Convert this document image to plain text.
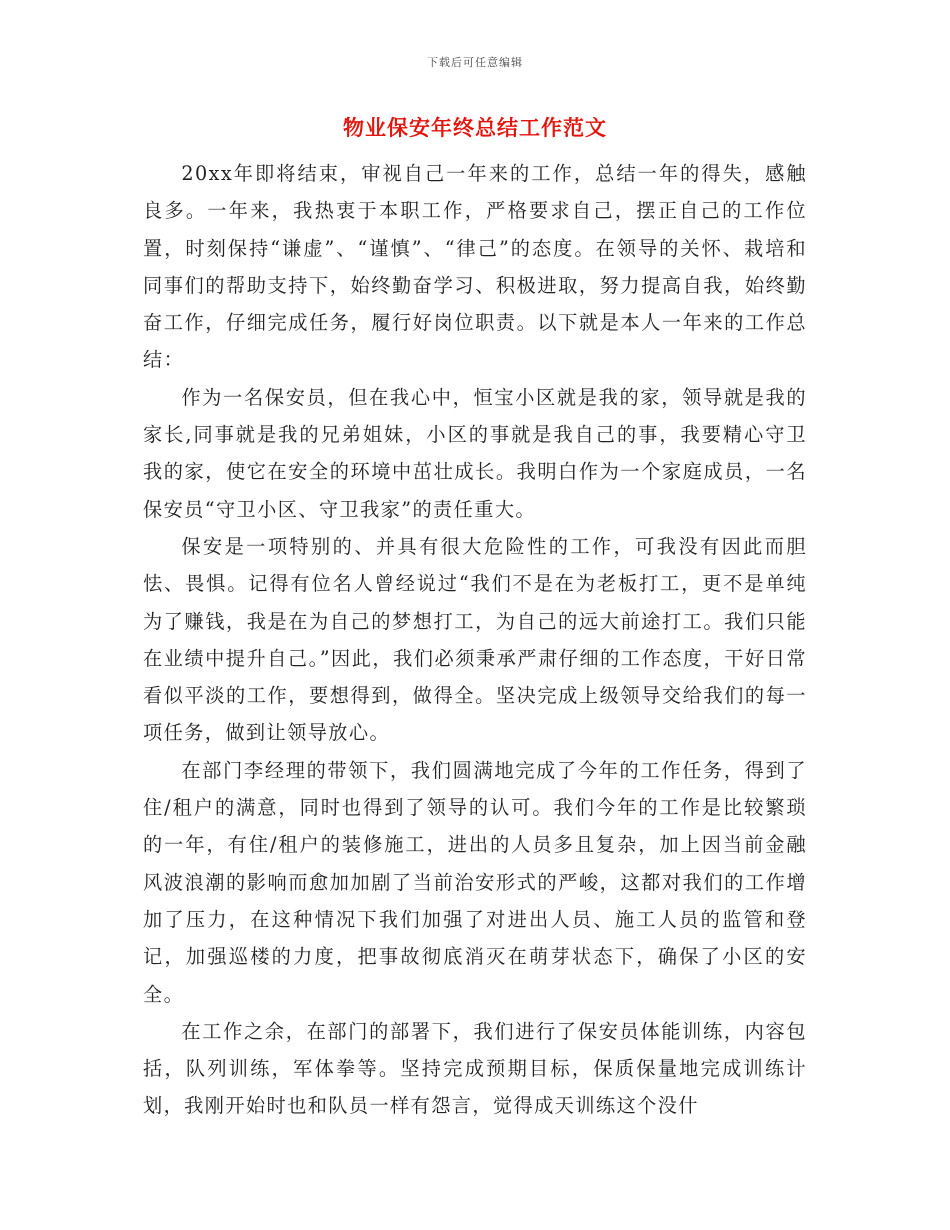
下载后可任意编辑
物业保安年终总结工作范文

20xx年即将结束，审视自己一年来的工作，总结一年的得失，感触良多。一年来，我热衷于本职工作，严格要求自己，摆正自己的工作位置，时刻保持“谦虚”、“谨慎”、“律己”的态度。在领导的关怀、栽培和同事们的帮助支持下，始终勤奋学习、积极进取，努力提高自我，始终勤奋工作，仔细完成任务，履行好岗位职责。以下就是本人一年来的工作总结：

作为一名保安员，但在我心中，恒宝小区就是我的家，领导就是我的家长,同事就是我的兄弟姐妹，小区的事就是我自己的事，我要精心守卫我的家，使它在安全的环境中茁壮成长。我明白作为一个家庭成员，一名保安员“守卫小区、守卫我家”的责任重大。

保安是一项特别的、并具有很大危险性的工作，可我没有因此而胆怯、畏惧。记得有位名人曾经说过“我们不是在为老板打工，更不是单纯为了赚钱，我是在为自己的梦想打工，为自己的远大前途打工。我们只能在业绩中提升自己。”因此，我们必须秉承严肃仔细的工作态度，干好日常看似平淡的工作，要想得到，做得全。坚决完成上级领导交给我们的每一项任务，做到让领导放心。

在部门李经理的带领下，我们圆满地完成了今年的工作任务，得到了住/租户的满意，同时也得到了领导的认可。我们今年的工作是比较繁琐的一年，有住/租户的装修施工，进出的人员多且复杂，加上因当前金融风波浪潮的影响而愈加加剧了当前治安形式的严峻，这都对我们的工作增加了压力，在这种情况下我们加强了对进出人员、施工人员的监管和登记，加强巡楼的力度，把事故彻底消灭在萌芽状态下，确保了小区的安全。

在工作之余，在部门的部署下，我们进行了保安员体能训练，内容包括，队列训练，军体拳等。坚持完成预期目标，保质保量地完成训练计划，我刚开始时也和队员一样有怨言，觉得成天训练这个没什
